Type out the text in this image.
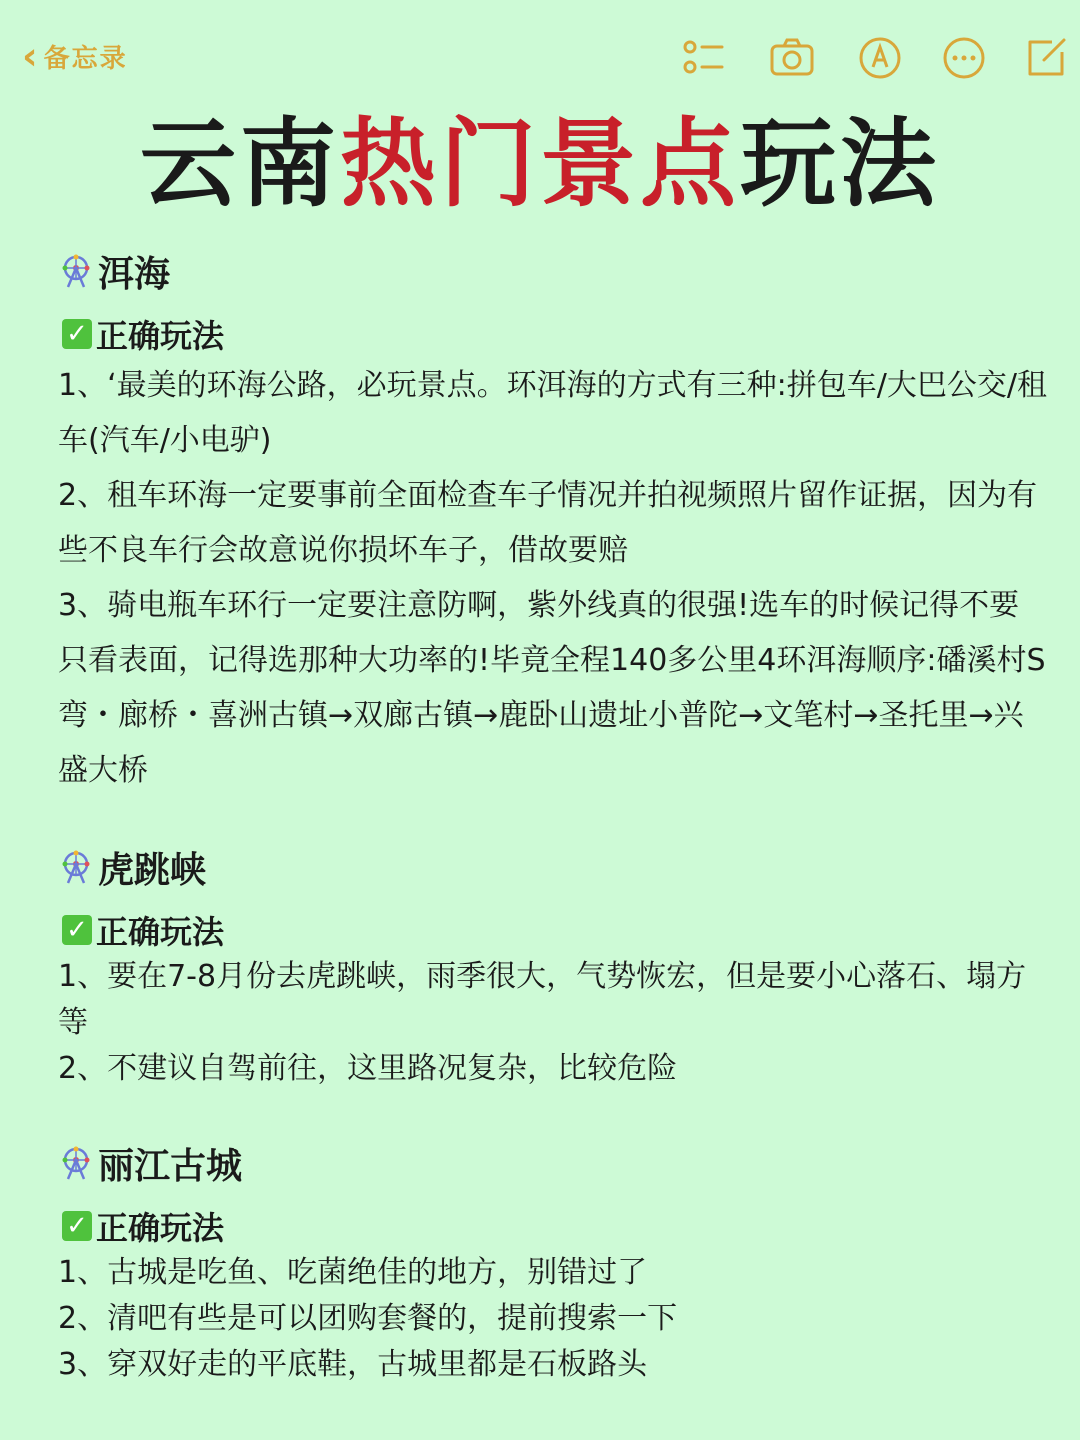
‹ 备忘录
云南热门景点玩法
洱海
✓ 正确玩法

1、‘最美的环海公路，必玩景点。环洱海的方式有三种:拼包车/大巴公交/租车(汽车/小电驴)

2、租车环海一定要事前全面检查车子情况并拍视频照片留作证据，因为有些不良车行会故意说你损坏车子，借故要赔

3、骑电瓶车环行一定要注意防啊，紫外线真的很强!选车的时候记得不要只看表面，记得选那种大功率的!毕竟全程140多公里4环洱海顺序:磻溪村S弯・廊桥・喜洲古镇→双廊古镇→鹿卧山遗址小普陀→文笔村→圣托里→兴盛大桥

虎跳峡
✓ 正确玩法

1、要在7-8月份去虎跳峡，雨季很大，气势恢宏，但是要小心落石、塌方等

2、不建议自驾前往，这里路况复杂，比较危险

丽江古城
✓ 正确玩法

1、古城是吃鱼、吃菌绝佳的地方，别错过了

2、清吧有些是可以团购套餐的，提前搜索一下

3、穿双好走的平底鞋，古城里都是石板路头
